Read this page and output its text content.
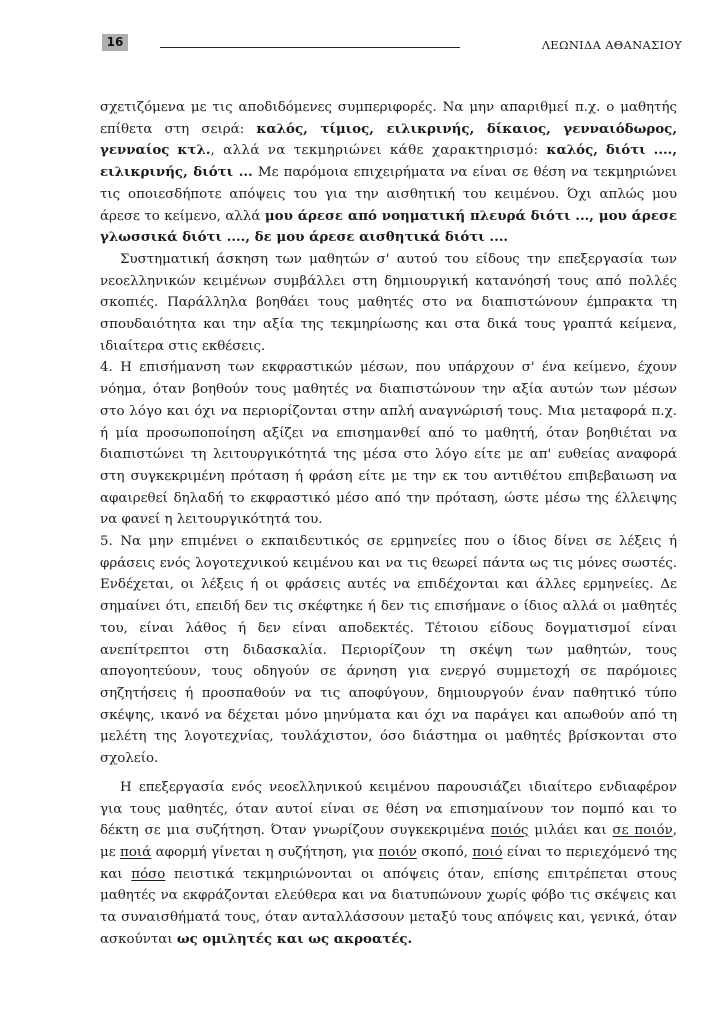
16	ΛΕΩΝΙΔΑ ΑΘΑΝΑΣΙΟΥ

σχετιζόμενα με τις αποδιδόμενες συμπεριφορές. Να μην απαριθμεί π.χ. ο μαθητής επίθετα στη σειρά: καλός, τίμιος, ειλικρινής, δίκαιος, γενναιόδωρος, γενναίος κτλ., αλλά να τεκμηριώνει κάθε χαρακτηρισμό: καλός, διότι ...., ειλικρινής, διότι ... Με παρόμοια επιχειρήματα να είναι σε θέση να τεκμηριώνει τις οποιεσδήποτε απόψεις του για την αισθητική του κειμένου. Όχι απλώς μου άρεσε το κείμενο, αλλά μου άρεσε από νοηματική πλευρά διότι ..., μου άρεσε γλωσσικά διότι ...., δε μου άρεσε αισθητικά διότι ....

Συστηματική άσκηση των μαθητών σ' αυτού του είδους την επεξεργασία των νεοελληνικών κειμένων συμβάλλει στη δημιουργική κατανόησή τους από πολλές σκοπιές. Παράλληλα βοηθάει τους μαθητές στο να διαπιστώνουν έμπρακτα τη σπουδαιότητα και την αξία της τεκμηρίωσης και στα δικά τους γραπτά κείμενα, ιδιαίτερα στις εκθέσεις.

4. Η επισήμανση των εκφραστικών μέσων, που υπάρχουν σ' ένα κείμενο, έχουν νόημα, όταν βοηθούν τους μαθητές να διαπιστώνουν την αξία αυτών των μέσων στο λόγο και όχι να περιορίζονται στην απλή αναγνώρισή τους. Μια μεταφορά π.χ. ή μία προσωποποίηση αξίζει να επισημανθεί από το μαθητή, όταν βοηθιέται να διαπιστώνει τη λειτουργικότητά της μέσα στο λόγο είτε με απ' ευθείας αναφορά στη συγκεκριμένη πρόταση ή φράση είτε με την εκ του αντιθέτου επιβεβαιωση να αφαιρεθεί δηλαδή το εκφραστικό μέσο από την πρόταση, ώστε μέσω της έλλειψης να φανεί η λειτουργικότητά του.

5. Να μην επιμένει ο εκπαιδευτικός σε ερμηνείες που ο ίδιος δίνει σε λέξεις ή φράσεις ενός λογοτεχνικού κειμένου και να τις θεωρεί πάντα ως τις μόνες σωστές. Ενδέχεται, οι λέξεις ή οι φράσεις αυτές να επιδέχονται και άλλες ερμηνείες. Δε σημαίνει ότι, επειδή δεν τις σκέφτηκε ή δεν τις επισήμανε ο ίδιος αλλά οι μαθητές του, είναι λάθος ή δεν είναι αποδεκτές. Τέτοιου είδους δογματισμοί είναι ανεπίτρεπτοι στη διδασκαλία. Περιορίζουν τη σκέψη των μαθητών, τους απογοητεύουν, τους οδηγούν σε άρνηση για ενεργό συμμετοχή σε παρόμοιες σηζητήσεις ή προσπαθούν να τις αποφύγουν, δημιουργούν έναν παθητικό τύπο σκέψης, ικανό να δέχεται μόνο μηνύματα και όχι να παράγει και απωθούν από τη μελέτη της λογοτεχνίας, τουλάχιστον, όσο διάστημα οι μαθητές βρίσκονται στο σχολείο.

Η επεξεργασία ενός νεοελληνικού κειμένου παρουσιάζει ιδιαίτερο ενδιαφέρον για τους μαθητές, όταν αυτοί είναι σε θέση να επισημαίνουν τον πομπό και το δέκτη σε μια συζήτηση. Όταν γνωρίζουν συγκεκριμένα ποιός μιλάει και σε ποιόν, με ποιά αφορμή γίνεται η συζήτηση, για ποιόν σκοπό, ποιό είναι το περιεχόμενό της και πόσο πειστικά τεκμηριώνονται οι απόψεις όταν, επίσης επιτρέπεται στους μαθητές να εκφράζονται ελεύθερα και να διατυπώνουν χωρίς φόβο τις σκέψεις και τα συναισθήματά τους, όταν ανταλλάσσουν μεταξύ τους απόψεις και, γενικά, όταν ασκούνται ως ομιλητές και ως ακροατές.
